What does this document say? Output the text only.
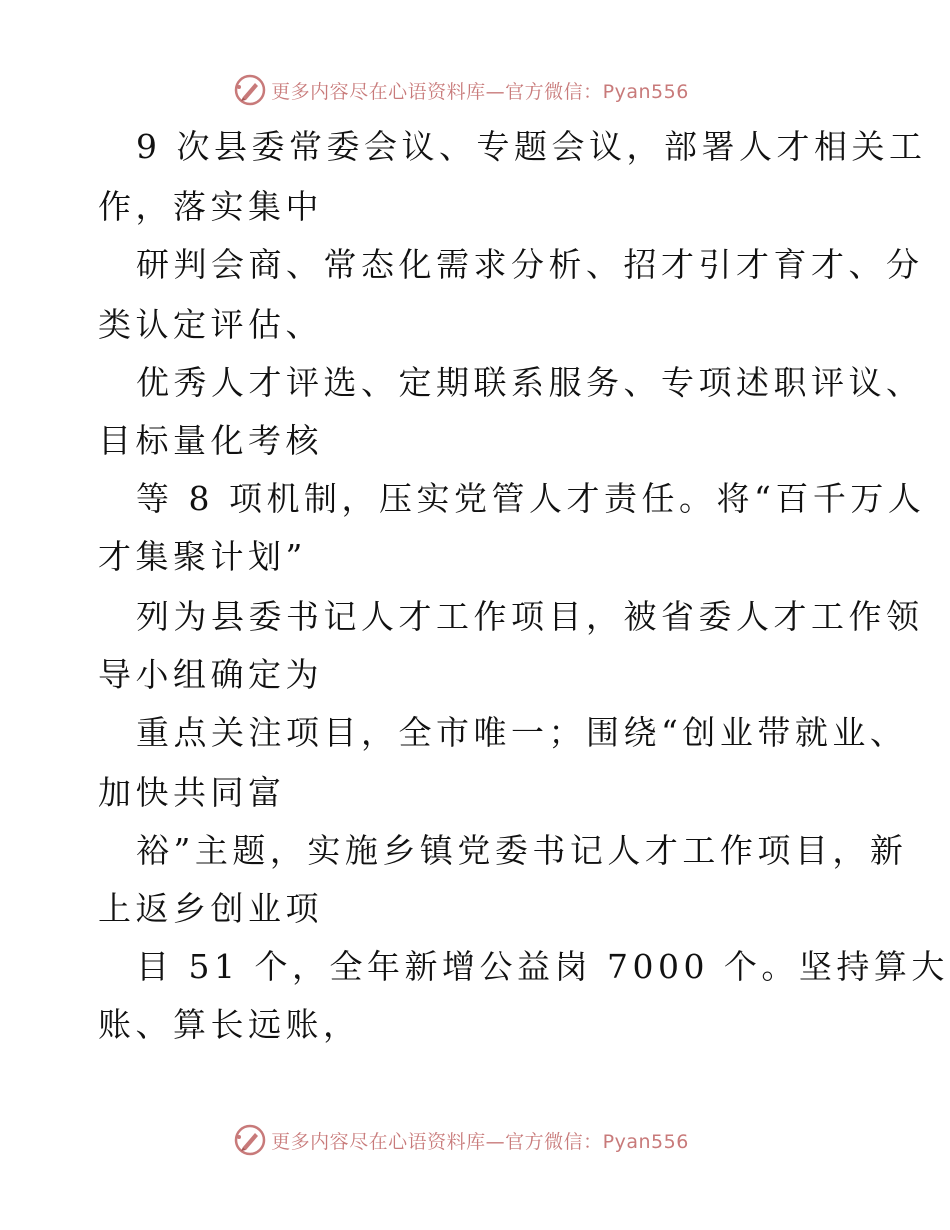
更多内容尽在心语资料库—官方微信：Pyan556
9 次县委常委会议、专题会议，部署人才相关工
作，落实集中
研判会商、常态化需求分析、招才引才育才、分
类认定评估、
优秀人才评选、定期联系服务、专项述职评议、
目标量化考核
等 8 项机制，压实党管人才责任。将“百千万人
才集聚计划”
列为县委书记人才工作项目，被省委人才工作领
导小组确定为
重点关注项目，全市唯一；围绕“创业带就业、
加快共同富
裕”主题，实施乡镇党委书记人才工作项目，新
上返乡创业项
目 51 个，全年新增公益岗 7000 个。坚持算大
账、算长远账，
更多内容尽在心语资料库—官方微信：Pyan556
